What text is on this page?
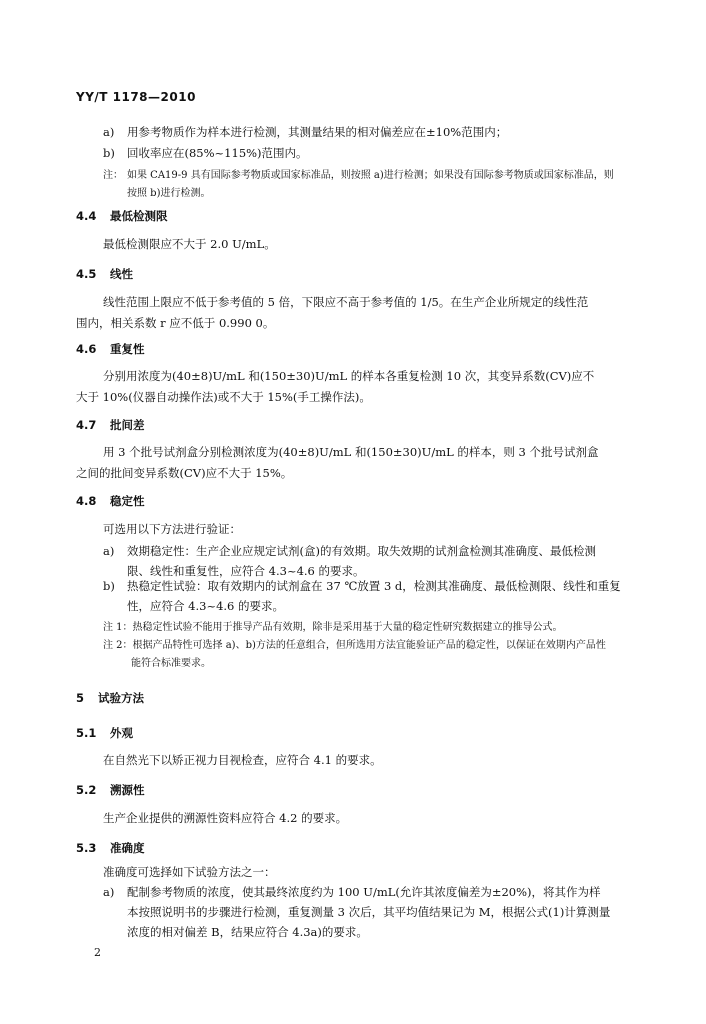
YY/T 1178—2010
a) 用参考物质作为样本进行检测，其测量结果的相对偏差应在±10%范围内；
b) 回收率应在(85%~115%)范围内。
注： 如果 CA19-9 具有国际参考物质或国家标准品，则按照 a)进行检测；如果没有国际参考物质或国家标准品，则
按照 b)进行检测。
4.4 最低检测限
最低检测限应不大于 2.0 U/mL。
4.5 线性
线性范围上限应不低于参考值的 5 倍，下限应不高于参考值的 1/5。在生产企业所规定的线性范
围内，相关系数 r 应不低于 0.990 0。
4.6 重复性
分别用浓度为(40±8)U/mL 和(150±30)U/mL 的样本各重复检测 10 次，其变异系数(CV)应不
大于 10%(仪器自动操作法)或不大于 15%(手工操作法)。
4.7 批间差
用 3 个批号试剂盒分别检测浓度为(40±8)U/mL 和(150±30)U/mL 的样本，则 3 个批号试剂盒
之间的批间变异系数(CV)应不大于 15%。
4.8 稳定性
可选用以下方法进行验证：
a) 效期稳定性：生产企业应规定试剂(盒)的有效期。取失效期的试剂盒检测其准确度、最低检测
限、线性和重复性，应符合 4.3~4.6 的要求。
b) 热稳定性试验：取有效期内的试剂盒在 37 ℃放置 3 d，检测其准确度、最低检测限、线性和重复
性，应符合 4.3~4.6 的要求。
注 1：热稳定性试验不能用于推导产品有效期，除非是采用基于大量的稳定性研究数据建立的推导公式。
注 2：根据产品特性可选择 a)、b)方法的任意组合，但所选用方法宜能验证产品的稳定性，以保证在效期内产品性
能符合标准要求。
5 试验方法
5.1 外观
在自然光下以矫正视力目视检查，应符合 4.1 的要求。
5.2 溯源性
生产企业提供的溯源性资料应符合 4.2 的要求。
5.3 准确度
准确度可选择如下试验方法之一：
a) 配制参考物质的浓度，使其最终浓度约为 100 U/mL(允许其浓度偏差为±20%)，将其作为样
本按照说明书的步骤进行检测，重复测量 3 次后，其平均值结果记为 M，根据公式(1)计算测量
浓度的相对偏差 B，结果应符合 4.3a)的要求。
2
